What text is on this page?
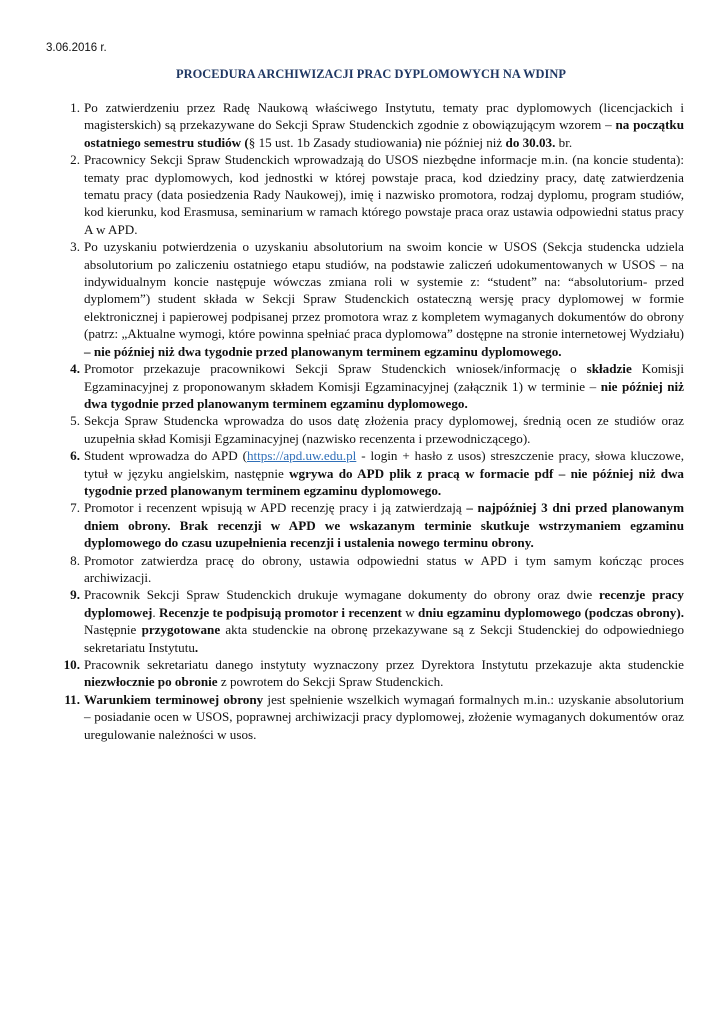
3.06.2016 r.
PROCEDURA ARCHIWIZACJI PRAC DYPLOMOWYCH NA WDINP
1. Po zatwierdzeniu przez Radę Naukową właściwego Instytutu, tematy prac dyplomowych (licencjackich i magisterskich) są przekazywane do Sekcji Spraw Studenckich zgodnie z obowiązującym wzorem – na początku ostatniego semestru studiów (§ 15 ust. 1b Zasady studiowania) nie później niż do 30.03. br.
2. Pracownicy Sekcji Spraw Studenckich wprowadzają do USOS niezbędne informacje m.in. (na koncie studenta): tematy prac dyplomowych, kod jednostki w której powstaje praca, kod dziedziny pracy, datę zatwierdzenia tematu pracy (data posiedzenia Rady Naukowej), imię i nazwisko promotora, rodzaj dyplomu, program studiów, kod kierunku, kod Erasmusa, seminarium w ramach którego powstaje praca oraz ustawia odpowiedni status pracy A w APD.
3. Po uzyskaniu potwierdzenia o uzyskaniu absolutorium na swoim koncie w USOS (Sekcja studencka udziela absolutorium po zaliczeniu ostatniego etapu studiów, na podstawie zaliczeń udokumentowanych w USOS – na indywidualnym koncie następuje wówczas zmiana roli w systemie z: “student” na: “absolutorium- przed dyplomem”) student składa w Sekcji Spraw Studenckich ostateczną wersję pracy dyplomowej w formie elektronicznej i papierowej podpisanej przez promotora wraz z kompletem wymaganych dokumentów do obrony (patrz: „Aktualne wymogi, które powinna spełniać praca dyplomowa” dostępne na stronie internetowej Wydziału) – nie później niż dwa tygodnie przed planowanym terminem egzaminu dyplomowego.
4. Promotor przekazuje pracownikowi Sekcji Spraw Studenckich wniosek/informację o składzie Komisji Egzaminacyjnej z proponowanym składem Komisji Egzaminacyjnej (załącznik 1) w terminie – nie później niż dwa tygodnie przed planowanym terminem egzaminu dyplomowego.
5. Sekcja Spraw Studencka wprowadza do usos datę złożenia pracy dyplomowej, średnią ocen ze studiów oraz uzupełnia skład Komisji Egzaminacyjnej (nazwisko recenzenta i przewodniczącego).
6. Student wprowadza do APD (https://apd.uw.edu.pl - login + hasło z usos) streszczenie pracy, słowa kluczowe, tytuł w języku angielskim, następnie wgrywa do APD plik z pracą w formacie pdf – nie później niż dwa tygodnie przed planowanym terminem egzaminu dyplomowego.
7. Promotor i recenzent wpisują w APD recenzję pracy i ją zatwierdzają – najpóźniej 3 dni przed planowanym dniem obrony. Brak recenzji w APD we wskazanym terminie skutkuje wstrzymaniem egzaminu dyplomowego do czasu uzupełnienia recenzji i ustalenia nowego terminu obrony.
8. Promotor zatwierdza pracę do obrony, ustawia odpowiedni status w APD i tym samym kończąc proces archiwizacji.
9. Pracownik Sekcji Spraw Studenckich drukuje wymagane dokumenty do obrony oraz dwie recenzje pracy dyplomowej. Recenzje te podpisują promotor i recenzent w dniu egzaminu dyplomowego (podczas obrony). Następnie przygotowane akta studenckie na obronę przekazywane są z Sekcji Studenckiej do odpowiedniego sekretariatu Instytutu.
10. Pracownik sekretariatu danego instytuty wyznaczony przez Dyrektora Instytutu przekazuje akta studenckie niezwłocznie po obronie z powrotem do Sekcji Spraw Studenckich.
11. Warunkiem terminowej obrony jest spełnienie wszelkich wymagań formalnych m.in.: uzyskanie absolutorium – posiadanie ocen w USOS, poprawnej archiwizacji pracy dyplomowej, złożenie wymaganych dokumentów oraz uregulowanie należności w usos.
